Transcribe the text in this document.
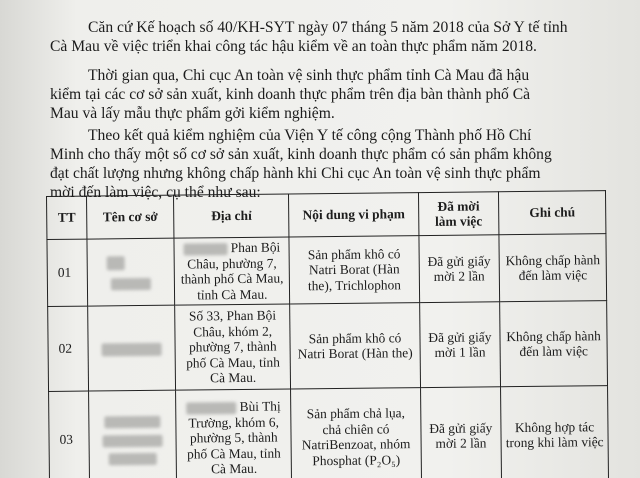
Căn cứ Kế hoạch số 40/KH-SYT ngày 07 tháng 5 năm 2018 của Sở Y tế tỉnh
Cà Mau về việc triển khai công tác hậu kiểm về an toàn thực phẩm năm 2018.

Thời gian qua, Chi cục An toàn vệ sinh thực phẩm tỉnh Cà Mau đã hậu
kiểm tại các cơ sở sản xuất, kinh doanh thực phẩm trên địa bàn thành phố Cà
Mau và lấy mẫu thực phẩm gởi kiểm nghiệm.

Theo kết quả kiểm nghiệm của Viện Y tế công cộng Thành phố Hồ Chí
Minh cho thấy một số cơ sở sản xuất, kinh doanh thực phẩm có sản phẩm không
đạt chất lượng nhưng không chấp hành khi Chi cục An toàn vệ sinh thực phẩm
mời đến làm việc, cụ thể như sau:

TT	Tên cơ sở	Địa chỉ	Nội dung vi phạm	Đã mời
làm việc	Ghi chú
01		Phan Bội
Châu, phường 7,
thành phố Cà Mau,
tỉnh Cà Mau.	Sản phẩm khô có
Natri Borat (Hàn
the), Trichlophon	Đã gửi giấy
mời 2 lần	Không chấp hành
đến làm việc

02		Số 33, Phan Bội
Châu, khóm 2,
phường 7, thành
phố Cà Mau, tỉnh
Cà Mau.	Sản phẩm khô có
Natri Borat (Hàn the)	Đã gửi giấy
mời 1 lần	Không chấp hành
đến làm việc

03		Bùi Thị
Trường, khóm 6,
phường 5, thành
phố Cà Mau, tỉnh
Cà Mau.	Sản phẩm chả lụa,
chả chiên có
NatriBenzoat, nhóm
Phosphat (P₂O₅)	Đã gửi giấy
mời 2 lần	Không hợp tác
trong khi làm việc
